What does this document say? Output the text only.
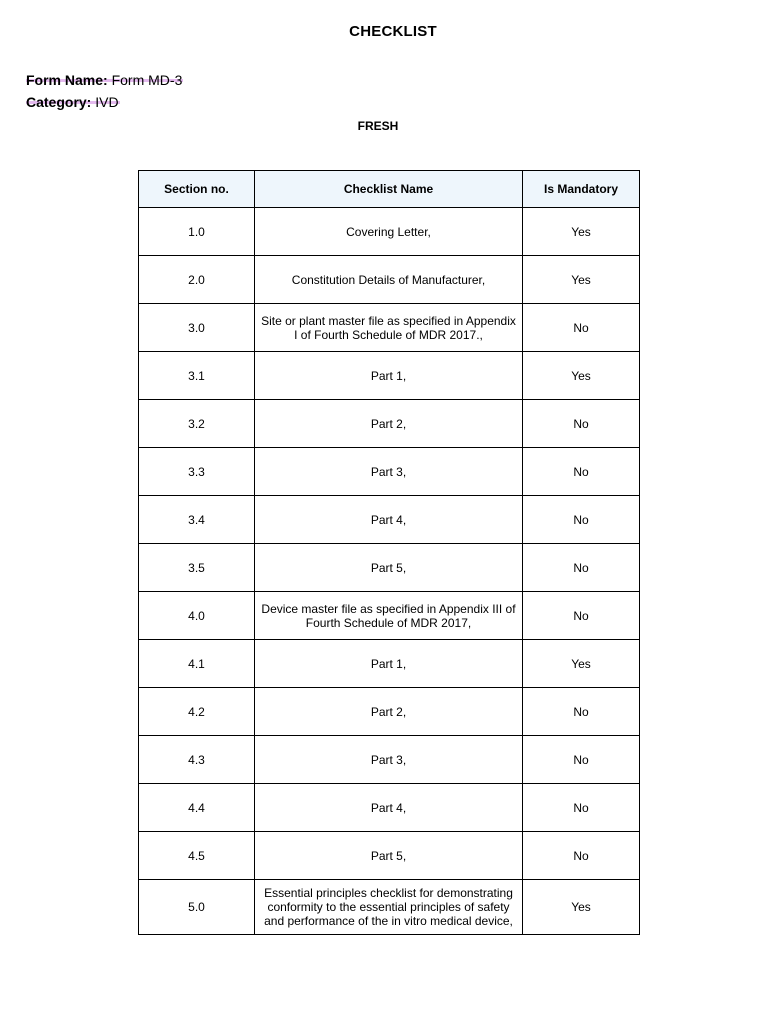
CHECKLIST
Form Name: Form MD-3
Category: IVD
FRESH
Section no.	Checklist Name	Is Mandatory
1.0	Covering Letter,	Yes
2.0	Constitution Details of Manufacturer,	Yes
3.0	Site or plant master file as specified in Appendix I of Fourth Schedule of MDR 2017.,	No
3.1	Part 1,	Yes
3.2	Part 2,	No
3.3	Part 3,	No
3.4	Part 4,	No
3.5	Part 5,	No
4.0	Device master file as specified in Appendix III of Fourth Schedule of MDR 2017,	No
4.1	Part 1,	Yes
4.2	Part 2,	No
4.3	Part 3,	No
4.4	Part 4,	No
4.5	Part 5,	No
5.0	Essential principles checklist for demonstrating conformity to the essential principles of safety and performance of the in vitro medical device,	Yes
